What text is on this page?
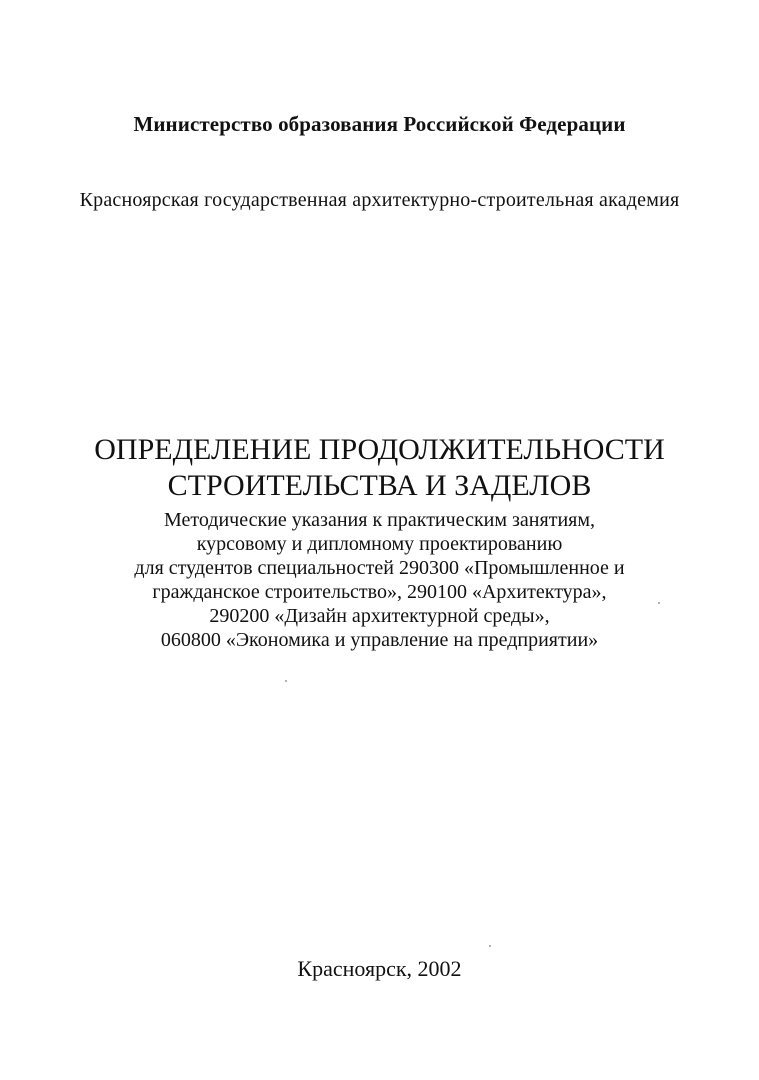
Министерство образования Российской Федерации
Красноярская государственная архитектурно-строительная академия
ОПРЕДЕЛЕНИЕ ПРОДОЛЖИТЕЛЬНОСТИ
СТРОИТЕЛЬСТВА И ЗАДЕЛОВ
Методические указания к практическим занятиям,
курсовому и дипломному проектированию
для студентов специальностей 290300 «Промышленное и
гражданское строительство», 290100 «Архитектура»,
290200 «Дизайн архитектурной среды»,
060800 «Экономика и управление на предприятии»
Красноярск, 2002
